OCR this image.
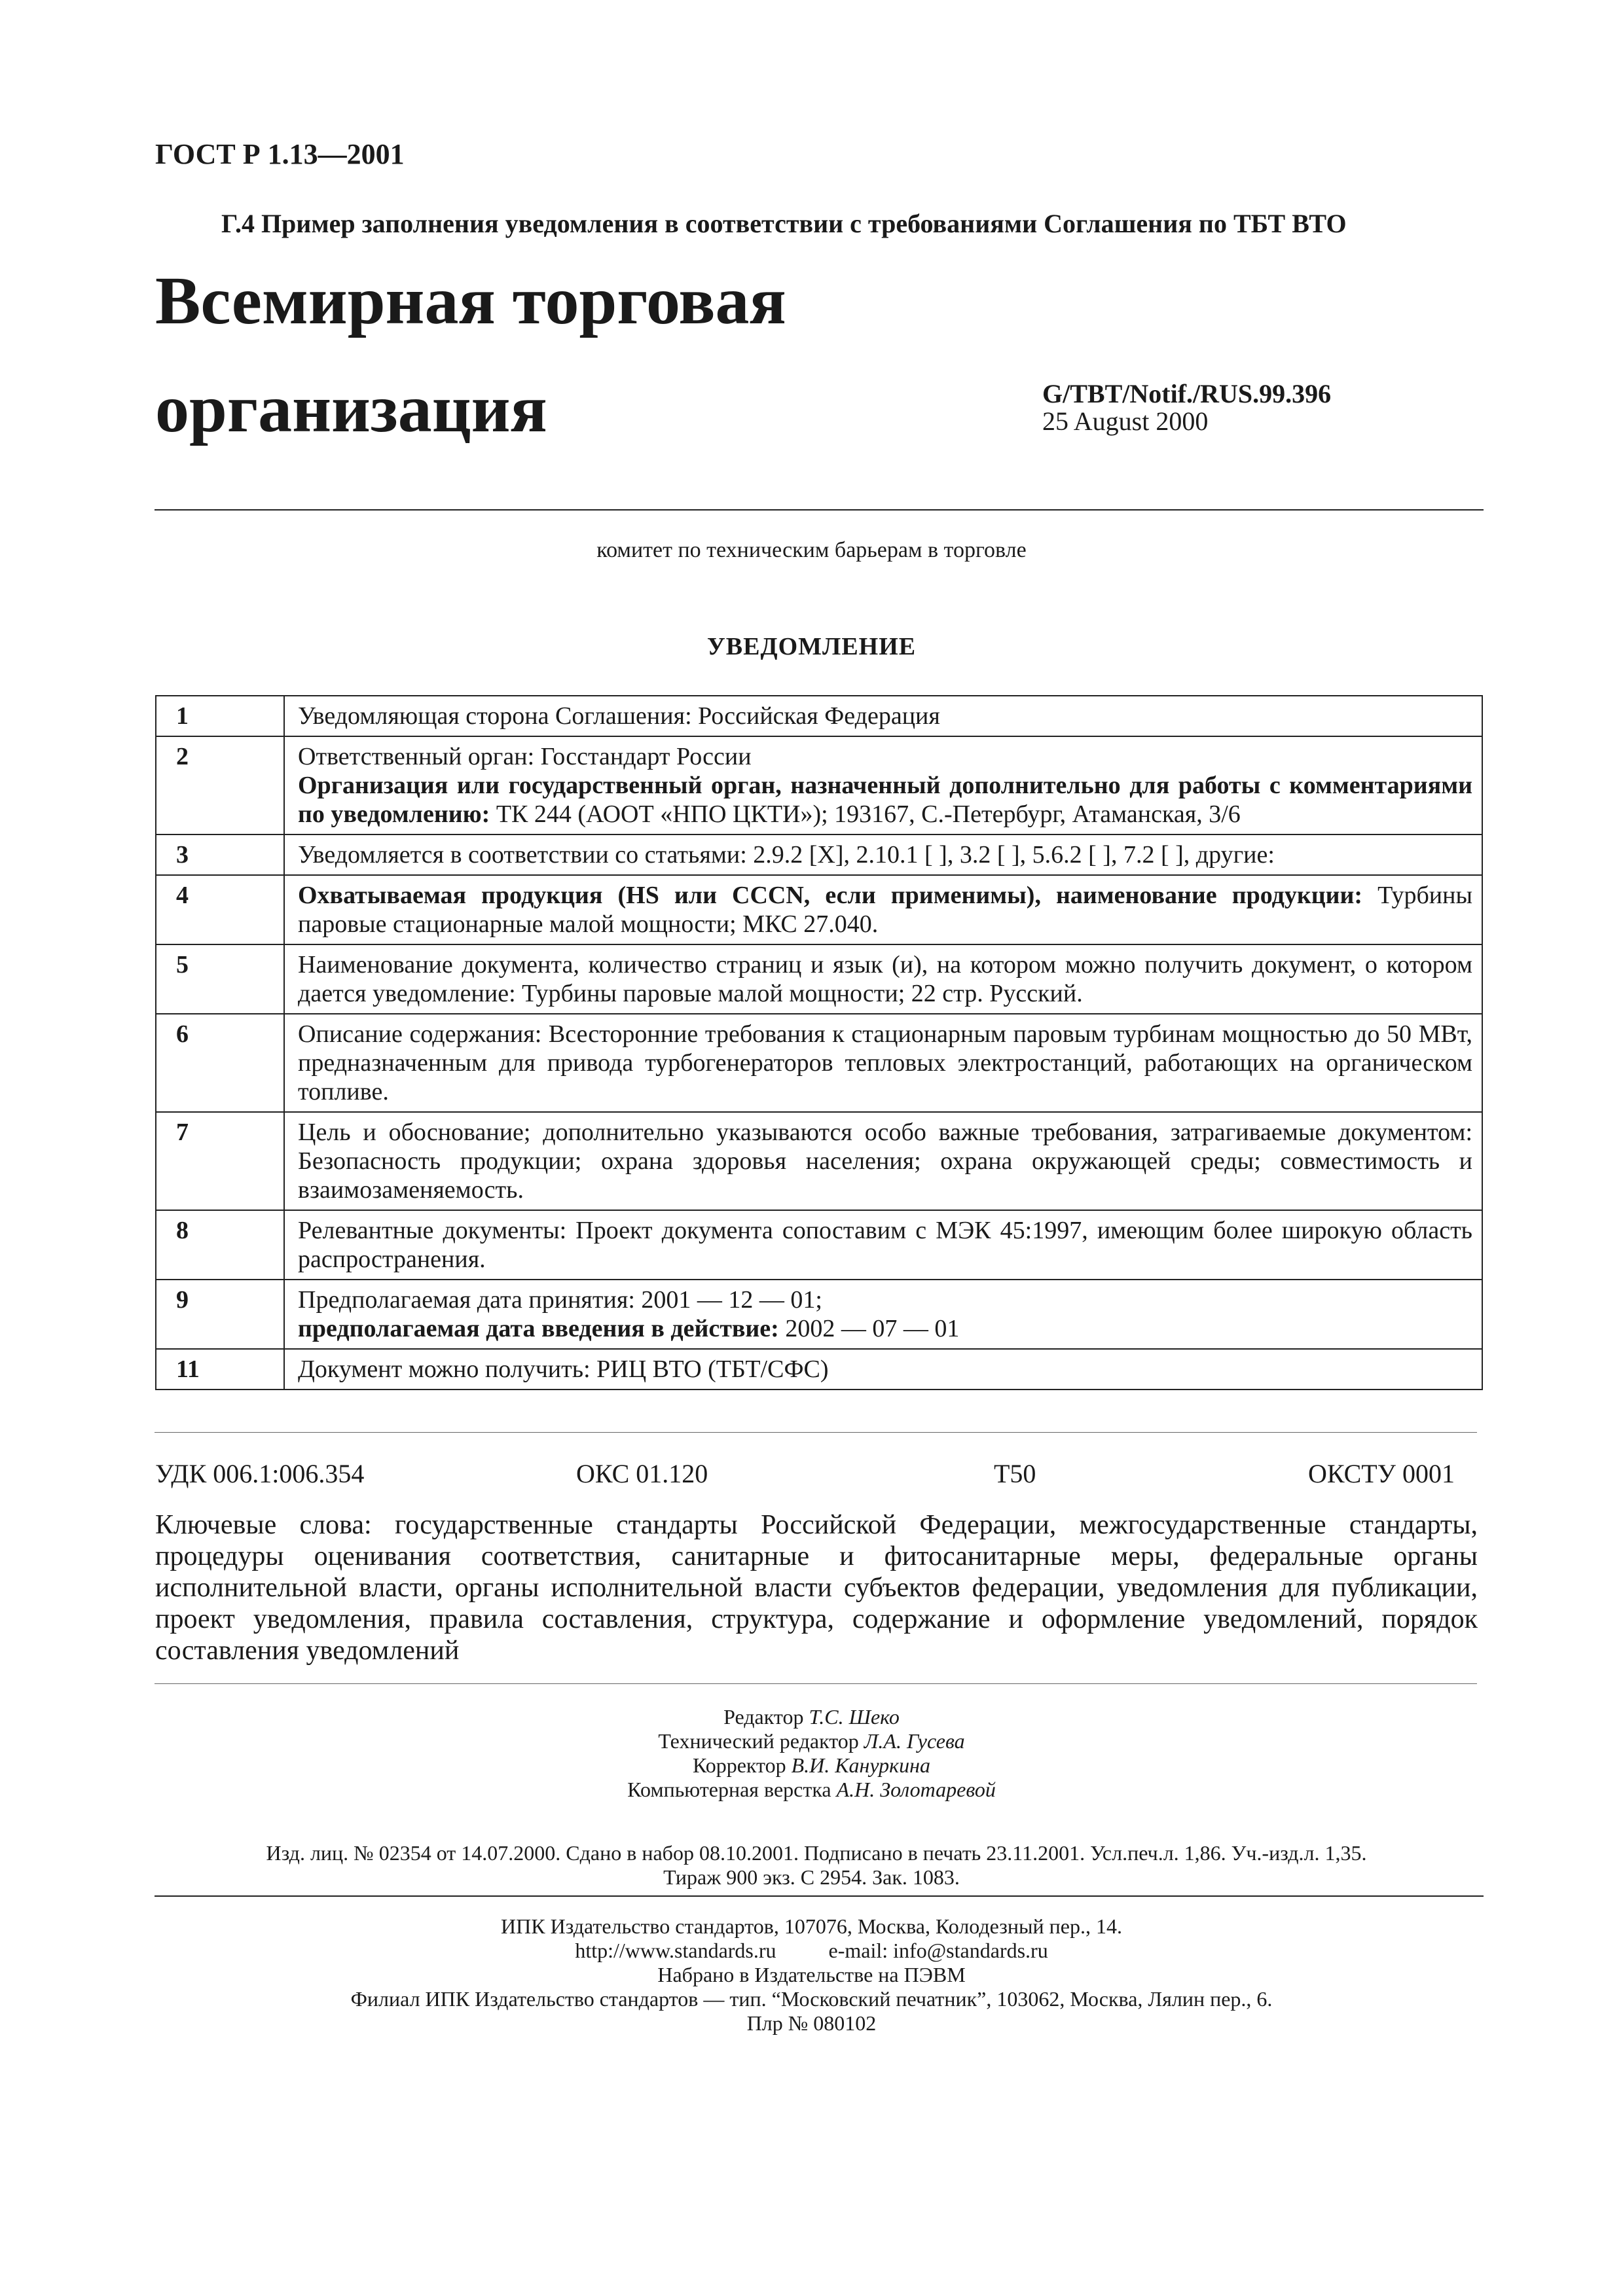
ГОСТ Р 1.13—2001
Г.4 Пример заполнения уведомления в соответствии с требованиями Соглашения по ТБТ ВТО
Всемирная торговая
организация	G/TBT/Notif./RUS.99.396
25 August 2000
комитет по техническим барьерам в торговле
УВЕДОМЛЕНИЕ
1	Уведомляющая сторона Соглашения: Российская Федерация
2	Ответственный орган: Госстандарт России
Организация или государственный орган, назначенный дополнительно для работы с комментариями по уведомлению: ТК 244 (АООТ «НПО ЦКТИ»); 193167, С.-Петербург, Атаманская, 3/6

3	Уведомляется в соответствии со статьями: 2.9.2 [X], 2.10.1 [ ], 3.2 [ ], 5.6.2 [ ], 7.2 [ ], другие:
4	Охватываемая продукция (HS или CCCN, если применимы), наименование продукции: Турбины паровые стационарные малой мощности; МКС 27.040.
5	Наименование документа, количество страниц и язык (и), на котором можно получить документ, о котором дается уведомление: Турбины паровые малой мощности; 22 стр. Русский.
6	Описание содержания: Всесторонние требования к стационарным паровым турбинам мощностью до 50 МВт, предназначенным для привода турбогенераторов тепловых электростанций, работающих на органическом топливе.
7	Цель и обоснование; дополнительно указываются особо важные требования, затрагиваемые документом: Безопасность продукции; охрана здоровья населения; охрана окружающей среды; совместимость и взаимозаменяемость.
8	Релевантные документы: Проект документа сопоставим с МЭК 45:1997, имеющим более широкую область распространения.
9	Предполагаемая дата принятия: 2001 — 12 — 01;
предполагаемая дата введения в действие: 2002 — 07 — 01

11	Документ можно получить: РИЦ ВТО (ТБТ/СФС)
УДК 006.1:006.354	ОКС 01.120	Т50	ОКСТУ 0001
Ключевые слова: государственные стандарты Российской Федерации, межгосударственные стандарты, процедуры оценивания соответствия, санитарные и фитосанитарные меры, федеральные органы исполнительной власти, органы исполнительной власти субъектов федерации, уведомления для публикации, проект уведомления, правила составления, структура, содержание и оформление уведомлений, порядок составления уведомлений
Редактор Т.С. Шеко
Технический редактор Л.А. Гусева
Корректор В.И. Кануркина
Компьютерная верстка А.Н. Золотаревой
Изд. лиц. № 02354 от 14.07.2000. Сдано в набор 08.10.2001. Подписано в печать 23.11.2001. Усл.печ.л. 1,86. Уч.-изд.л. 1,35.
Тираж 900 экз. С 2954. Зак. 1083.
ИПК Издательство стандартов, 107076, Москва, Колодезный пер., 14.
http://www.standards.ru          e-mail: info@standards.ru
Набрано в Издательстве на ПЭВМ
Филиал ИПК Издательство стандартов — тип. “Московский печатник”, 103062, Москва, Лялин пер., 6.
Плр № 080102
